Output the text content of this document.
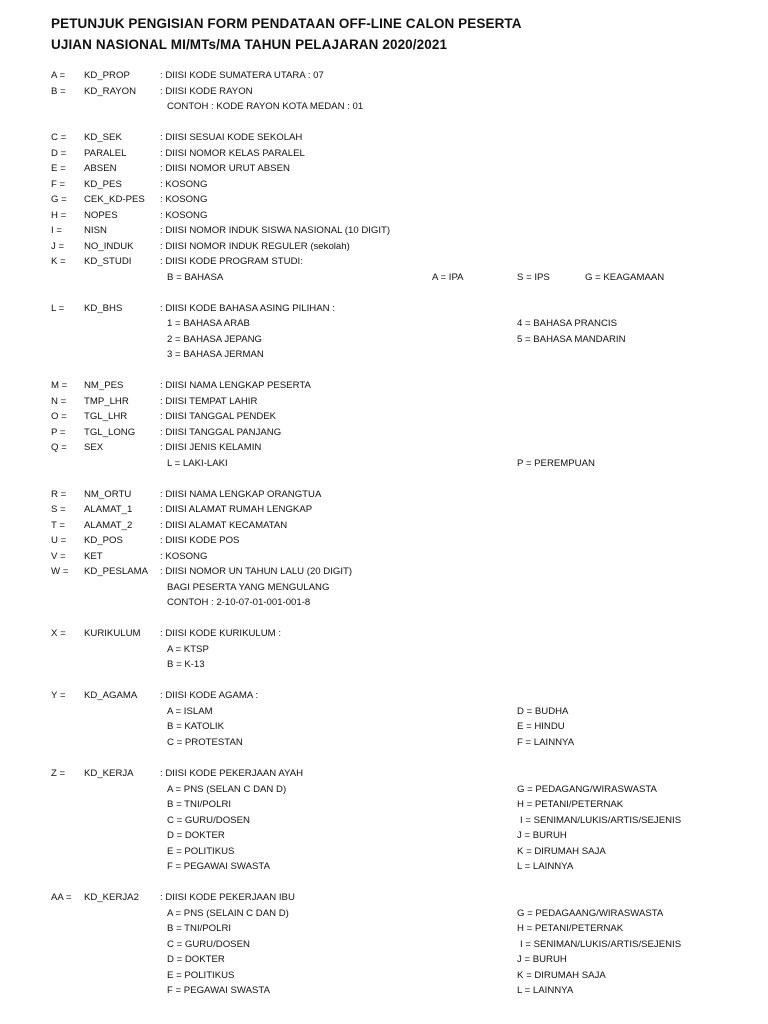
PETUNJUK PENGISIAN FORM PENDATAAN OFF-LINE CALON PESERTA
UJIAN NASIONAL MI/MTs/MA TAHUN PELAJARAN 2020/2021
A = KD_PROP	: DIISI KODE SUMATERA UTARA : 07
B = KD_RAYON : DIISI KODE RAYON
CONTOH : KODE RAYON KOTA MEDAN : 01
C = KD_SEK	: DIISI SESUAI KODE SEKOLAH
D = PARALEL	: DIISI NOMOR KELAS PARALEL
E = ABSEN	: DIISI NOMOR URUT ABSEN
F = KD_PES	: KOSONG
G = CEK_KD-PES : KOSONG
H = NOPES	: KOSONG
I = NISN	: DIISI NOMOR INDUK SISWA NASIONAL (10 DIGIT)
J = NO_INDUK	: DIISI NOMOR INDUK REGULER (sekolah)
K = KD_STUDI	: DIISI KODE PROGRAM STUDI:
B = BAHASA	A = IPA	S = IPS	G = KEAGAMAAN
L = KD_BHS	: DIISI KODE BAHASA ASING PILIHAN :
1 = BAHASA ARAB	4 = BAHASA PRANCIS
2 = BAHASA JEPANG	5 = BAHASA MANDARIN
3 = BAHASA JERMAN
M = NM_PES	: DIISI NAMA LENGKAP PESERTA
N = TMP_LHR	: DIISI TEMPAT LAHIR
O = TGL_LHR	: DIISI TANGGAL PENDEK
P = TGL_LONG	: DIISI TANGGAL PANJANG
Q = SEX	: DIISI JENIS KELAMIN
L = LAKI-LAKI	P = PEREMPUAN
R = NM_ORTU	: DIISI NAMA LENGKAP ORANGTUA
S = ALAMAT_1	: DIISI ALAMAT RUMAH LENGKAP
T = ALAMAT_2	: DIISI ALAMAT KECAMATAN
U = KD_POS	: DIISI KODE POS
V = KET	: KOSONG
W = KD_PESLAMA : DIISI NOMOR UN TAHUN LALU (20 DIGIT)
BAGI PESERTA YANG MENGULANG
CONTOH : 2-10-07-01-001-001-8
X = KURIKULUM : DIISI KODE KURIKULUM :
A = KTSP
B = K-13
Y = KD_AGAMA : DIISI KODE AGAMA :
A = ISLAM	D = BUDHA
B = KATOLIK	E = HINDU
C = PROTESTAN	F = LAINNYA
Z = KD_KERJA	: DIISI KODE PEKERJAAN AYAH
A = PNS (SELAN C DAN D)	G = PEDAGANG/WIRASWASTA
B = TNI/POLRI	H = PETANI/PETERNAK
C = GURU/DOSEN	I = SENIMAN/LUKIS/ARTIS/SEJENIS
D = DOKTER	J = BURUH
E = POLITIKUS	K = DIRUMAH SAJA
F = PEGAWAI SWASTA	L = LAINNYA
AA = KD_KERJA2 : DIISI KODE PEKERJAAN IBU
A = PNS (SELAIN C DAN D)	G = PEDAGAANG/WIRASWASTA
B = TNI/POLRI	H = PETANI/PETERNAK
C = GURU/DOSEN	I = SENIMAN/LUKIS/ARTIS/SEJENIS
D = DOKTER	J = BURUH
E = POLITIKUS	K = DIRUMAH SAJA
F = PEGAWAI SWASTA	L = LAINNYA
